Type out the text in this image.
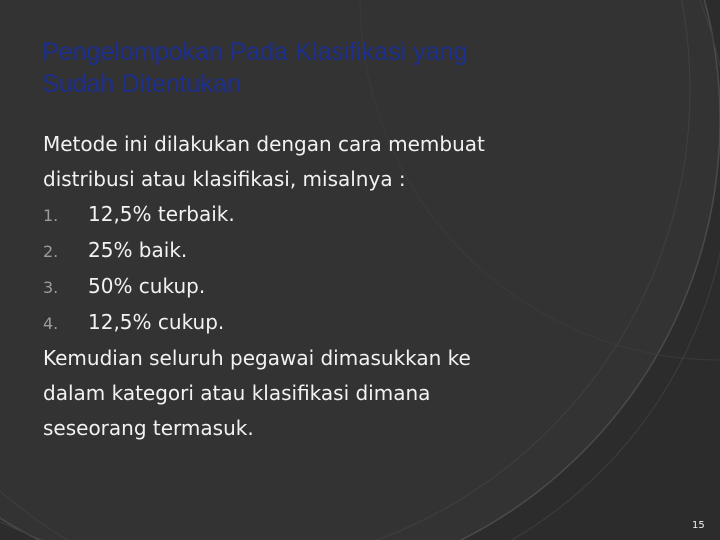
Pengelompokan Pada Klasifikasi yang
Sudah Ditentukan

Metode ini dilakukan dengan cara membuat

distribusi atau klasifikasi, misalnya :

1.	12,5% terbaik.
2.	25% baik.
3.	50% cukup.
4.	12,5% cukup.

Kemudian seluruh pegawai dimasukkan ke

dalam kategori atau klasifikasi dimana

seseorang termasuk.

15
